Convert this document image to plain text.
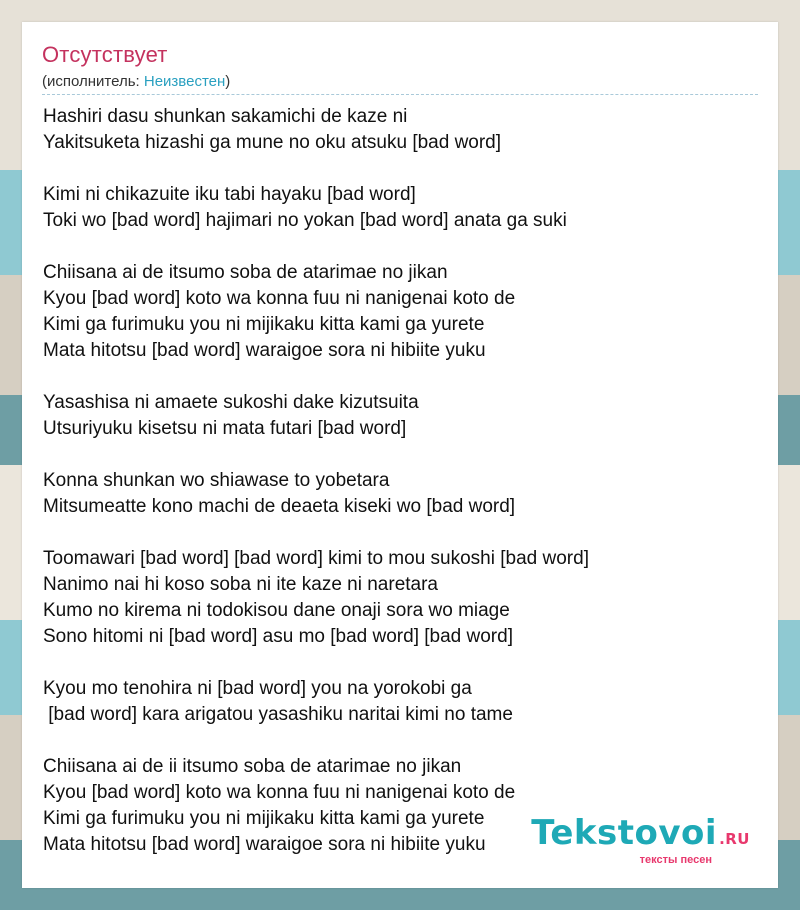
Отсутствует
(исполнитель: Неизвестен)
Hashiri dasu shunkan sakamichi de kaze ni
Yakitsuketa hizashi ga mune no oku atsuku [bad word]
Kimi ni chikazuite iku tabi hayaku [bad word]
Toki wo [bad word] hajimari no yokan [bad word] anata ga suki
Chiisana ai de itsumo soba de atarimae no jikan
Kyou [bad word] koto wa konna fuu ni nanigenai koto de
Kimi ga furimuku you ni mijikaku kitta kami ga yurete
Mata hitotsu [bad word] waraigoe sora ni hibiite yuku
Yasashisa ni amaete sukoshi dake kizutsuita
Utsuriyuku kisetsu ni mata futari [bad word]
Konna shunkan wo shiawase to yobetara
Mitsumeatte kono machi de deaeta kiseki wo [bad word]
Toomawari [bad word] [bad word] kimi to mou sukoshi [bad word]
Nanimo nai hi koso soba ni ite kaze ni naretara
Kumo no kirema ni todokisou dane onaji sora wo miage
Sono hitomi ni [bad word] asu mo [bad word] [bad word]
Kyou mo tenohira ni [bad word] you na yorokobi ga
[bad word] kara arigatou yasashiku naritai kimi no tame
Chiisana ai de ii itsumo soba de atarimae no jikan
Kyou [bad word] koto wa konna fuu ni nanigenai koto de
Kimi ga furimuku you ni mijikaku kitta kami ga yurete
Mata hitotsu [bad word] waraigoe sora ni hibiite yuku	Tekstovoi .RU
тексты песен
